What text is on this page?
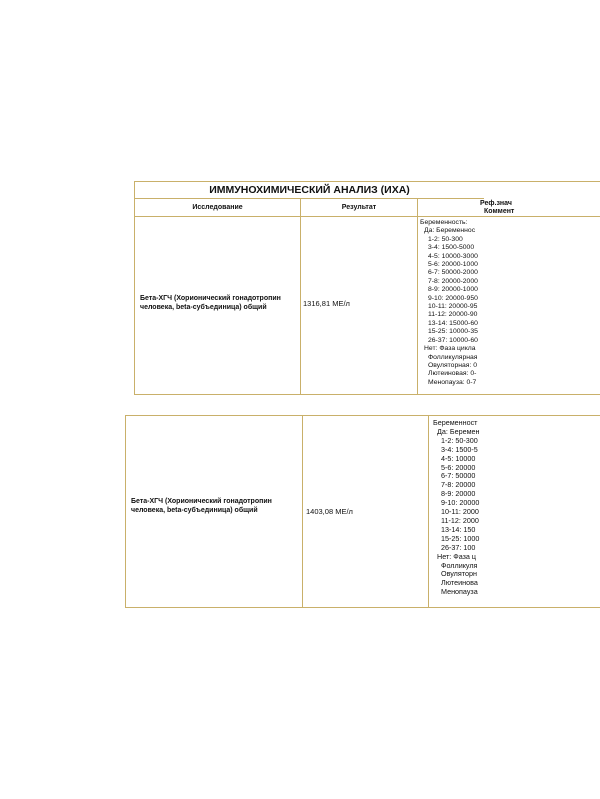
ИММУНОХИМИЧЕСКИЙ АНАЛИЗ (ИХА)
Исследование	Результат
Реф.знач
Коммент
Бета-ХГЧ (Хорионический гонадотропин
человека, beta-субъединица) общий	1316,81 МЕ/л
Беременность:
Да: Беременнос
1-2: 50-300
3-4: 1500-5000
4-5: 10000-3000
5-6: 20000-1000
6-7: 50000-2000
7-8: 20000-2000
8-9: 20000-1000
9-10: 20000-950
10-11: 20000-95
11-12: 20000-90
13-14: 15000-60
15-25: 10000-35
26-37: 10000-60
Нет: Фаза цикла
Фолликулярная
Овуляторная: 0
Лютеиновая: 0-
Менопауза: 0-7
Бета-ХГЧ (Хорионический гонадотропин
человека, beta-субъединица) общий	1403,08 МЕ/л
Беременност
Да: Беремен
1-2: 50-300
3-4: 1500-5
4-5: 10000
5-6: 20000
6-7: 50000
7-8: 20000
8-9: 20000
9-10: 20000
10-11: 2000
11-12: 2000
13-14: 150
15-25: 1000
26-37: 100
Нет: Фаза ц
Фолликуля
Овуляторн
Лютеинова
Менопауза
